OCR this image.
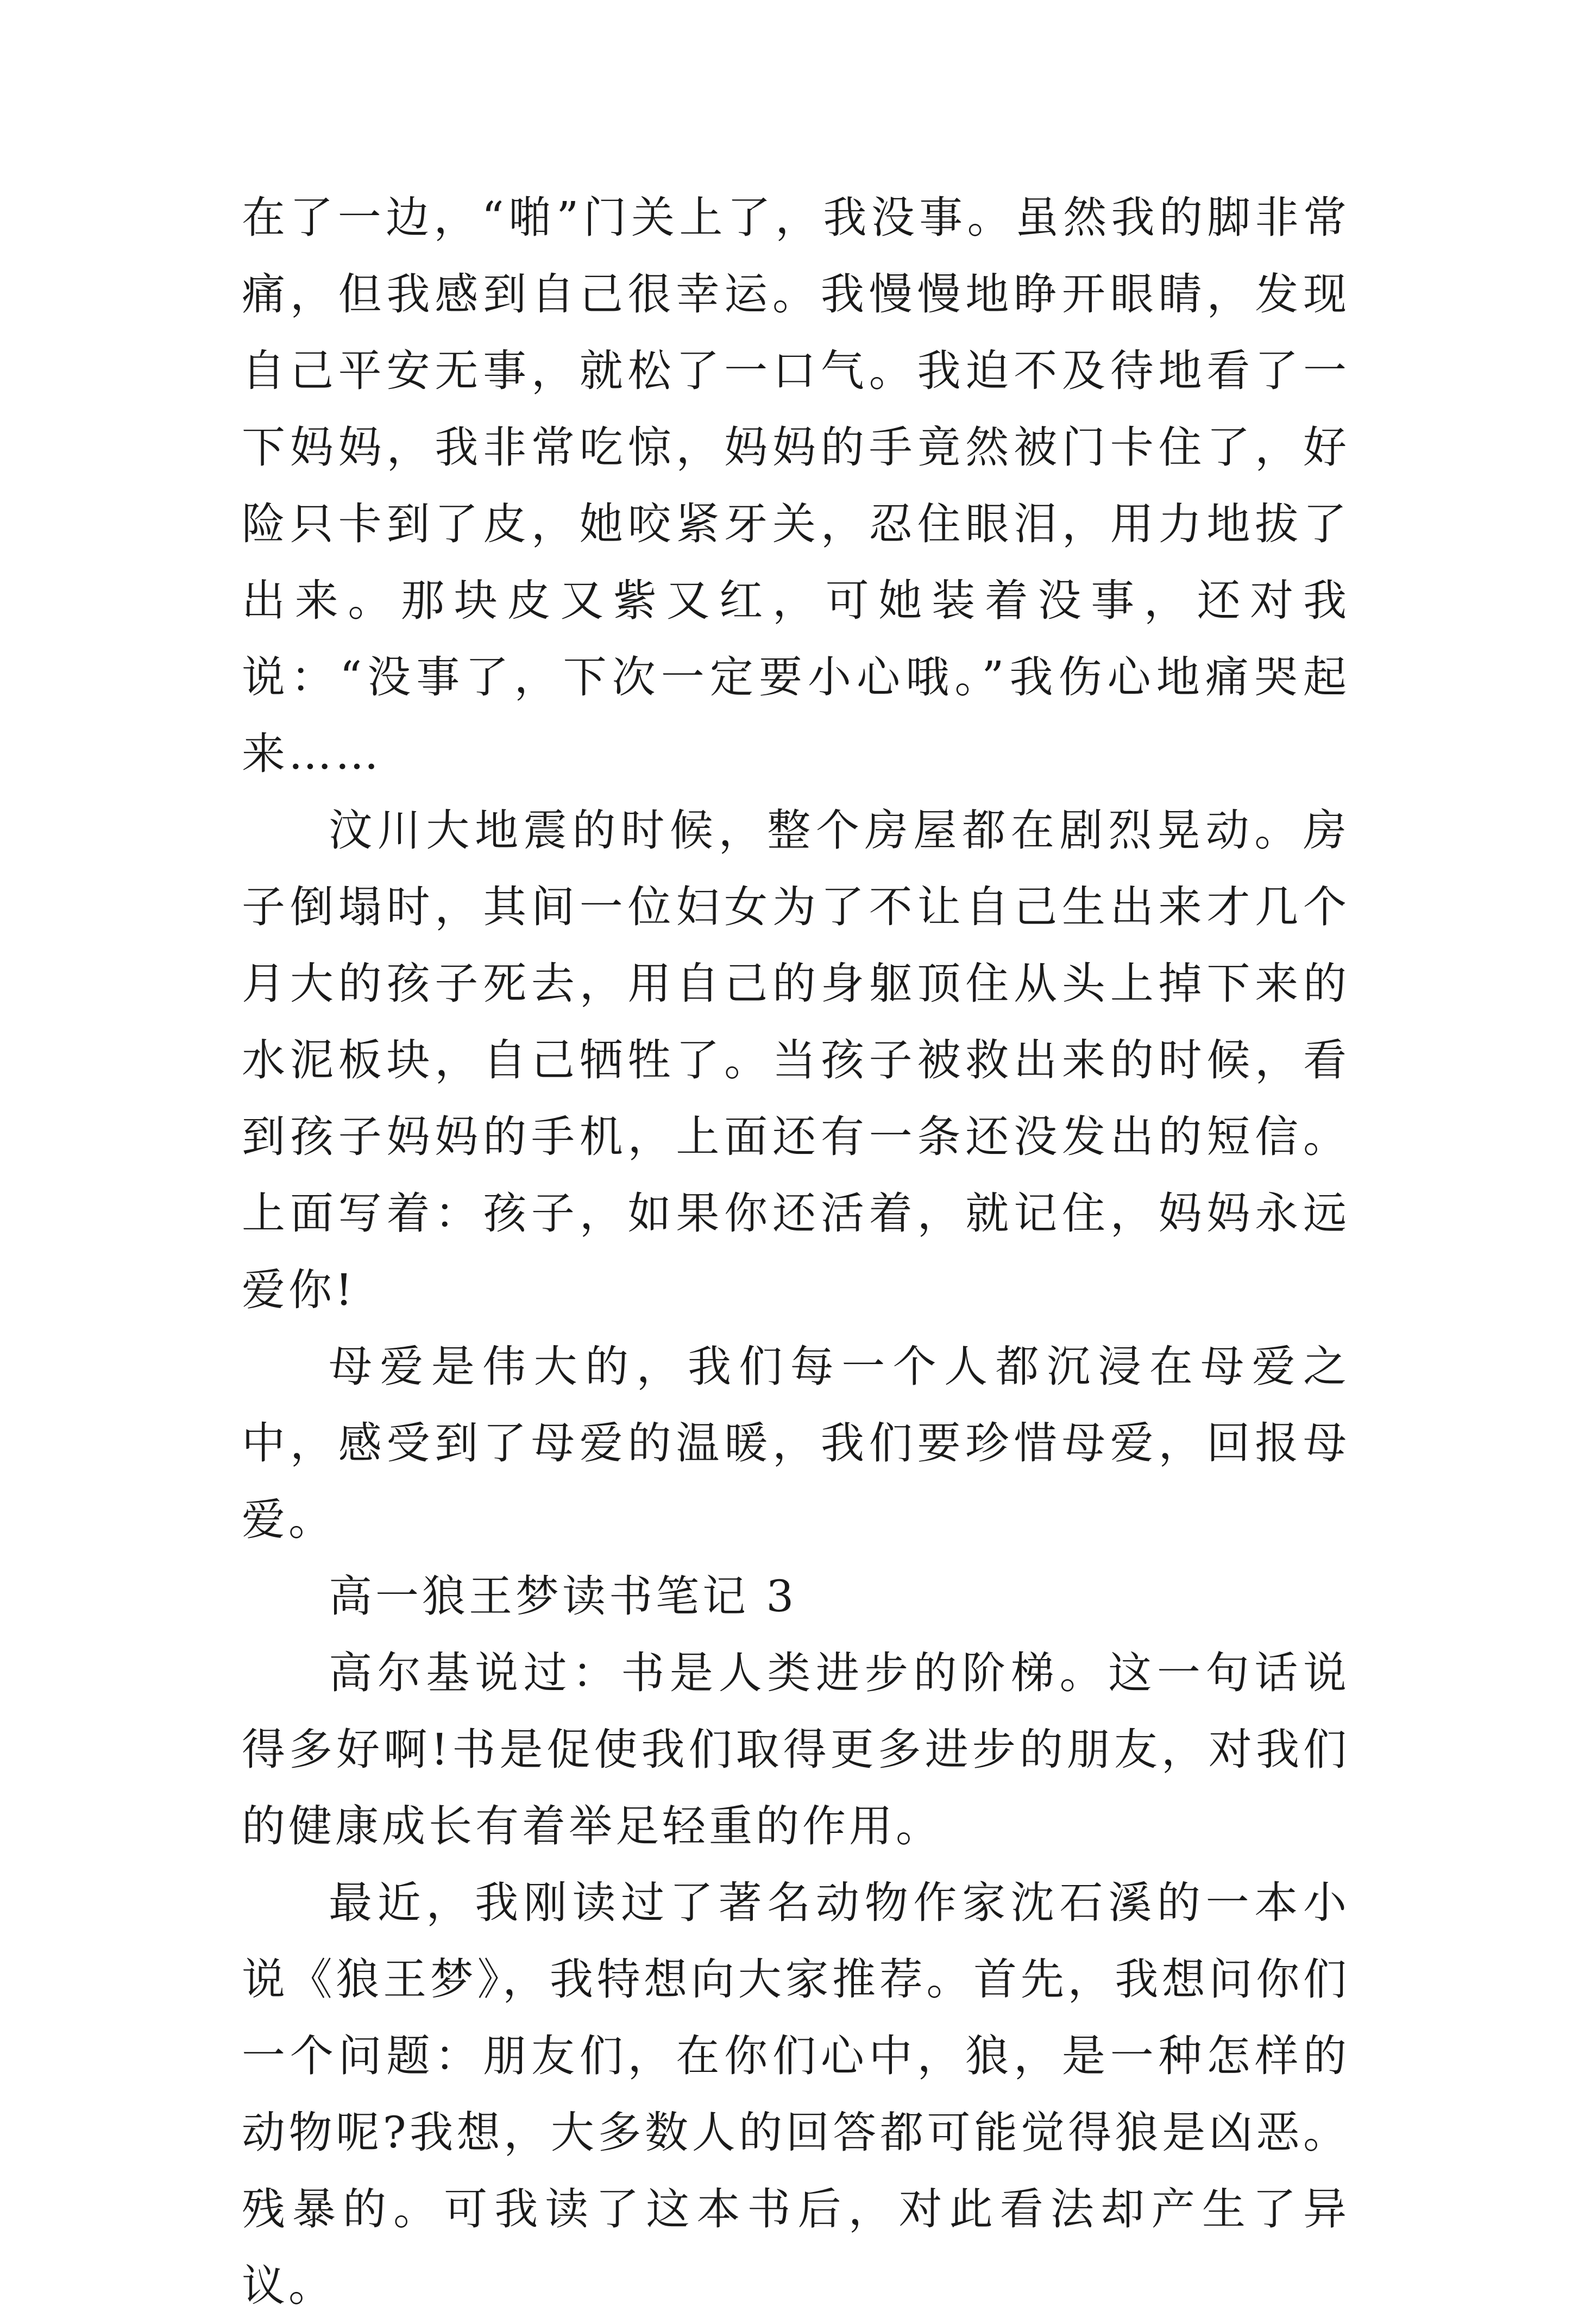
在了一边，“啪”门关上了，我没事。虽然我的脚非常痛，但我感到自己很幸运。我慢慢地睁开眼睛，发现自己平安无事，就松了一口气。我迫不及待地看了一下妈妈，我非常吃惊，妈妈的手竟然被门卡住了，好险只卡到了皮，她咬紧牙关，忍住眼泪，用力地拔了出来。那块皮又紫又红，可她装着没事，还对我说：“没事了，下次一定要小心哦。”我伤心地痛哭起来……

汶川大地震的时候，整个房屋都在剧烈晃动。房子倒塌时，其间一位妇女为了不让自己生出来才几个月大的孩子死去，用自己的身躯顶住从头上掉下来的水泥板块，自己牺牲了。当孩子被救出来的时候，看到孩子妈妈的手机，上面还有一条还没发出的短信。上面写着：孩子，如果你还活着，就记住，妈妈永远爱你!

母爱是伟大的，我们每一个人都沉浸在母爱之中，感受到了母爱的温暖，我们要珍惜母爱，回报母爱。

高一狼王梦读书笔记 3

高尔基说过：书是人类进步的阶梯。这一句话说得多好啊!书是促使我们取得更多进步的朋友，对我们的健康成长有着举足轻重的作用。

最近，我刚读过了著名动物作家沈石溪的一本小说《狼王梦》，我特想向大家推荐。首先，我想问你们一个问题：朋友们，在你们心中，狼，是一种怎样的动物呢?我想，大多数人的回答都可能觉得狼是凶恶。残暴的。可我读了这本书后，对此看法却产生了异议。
